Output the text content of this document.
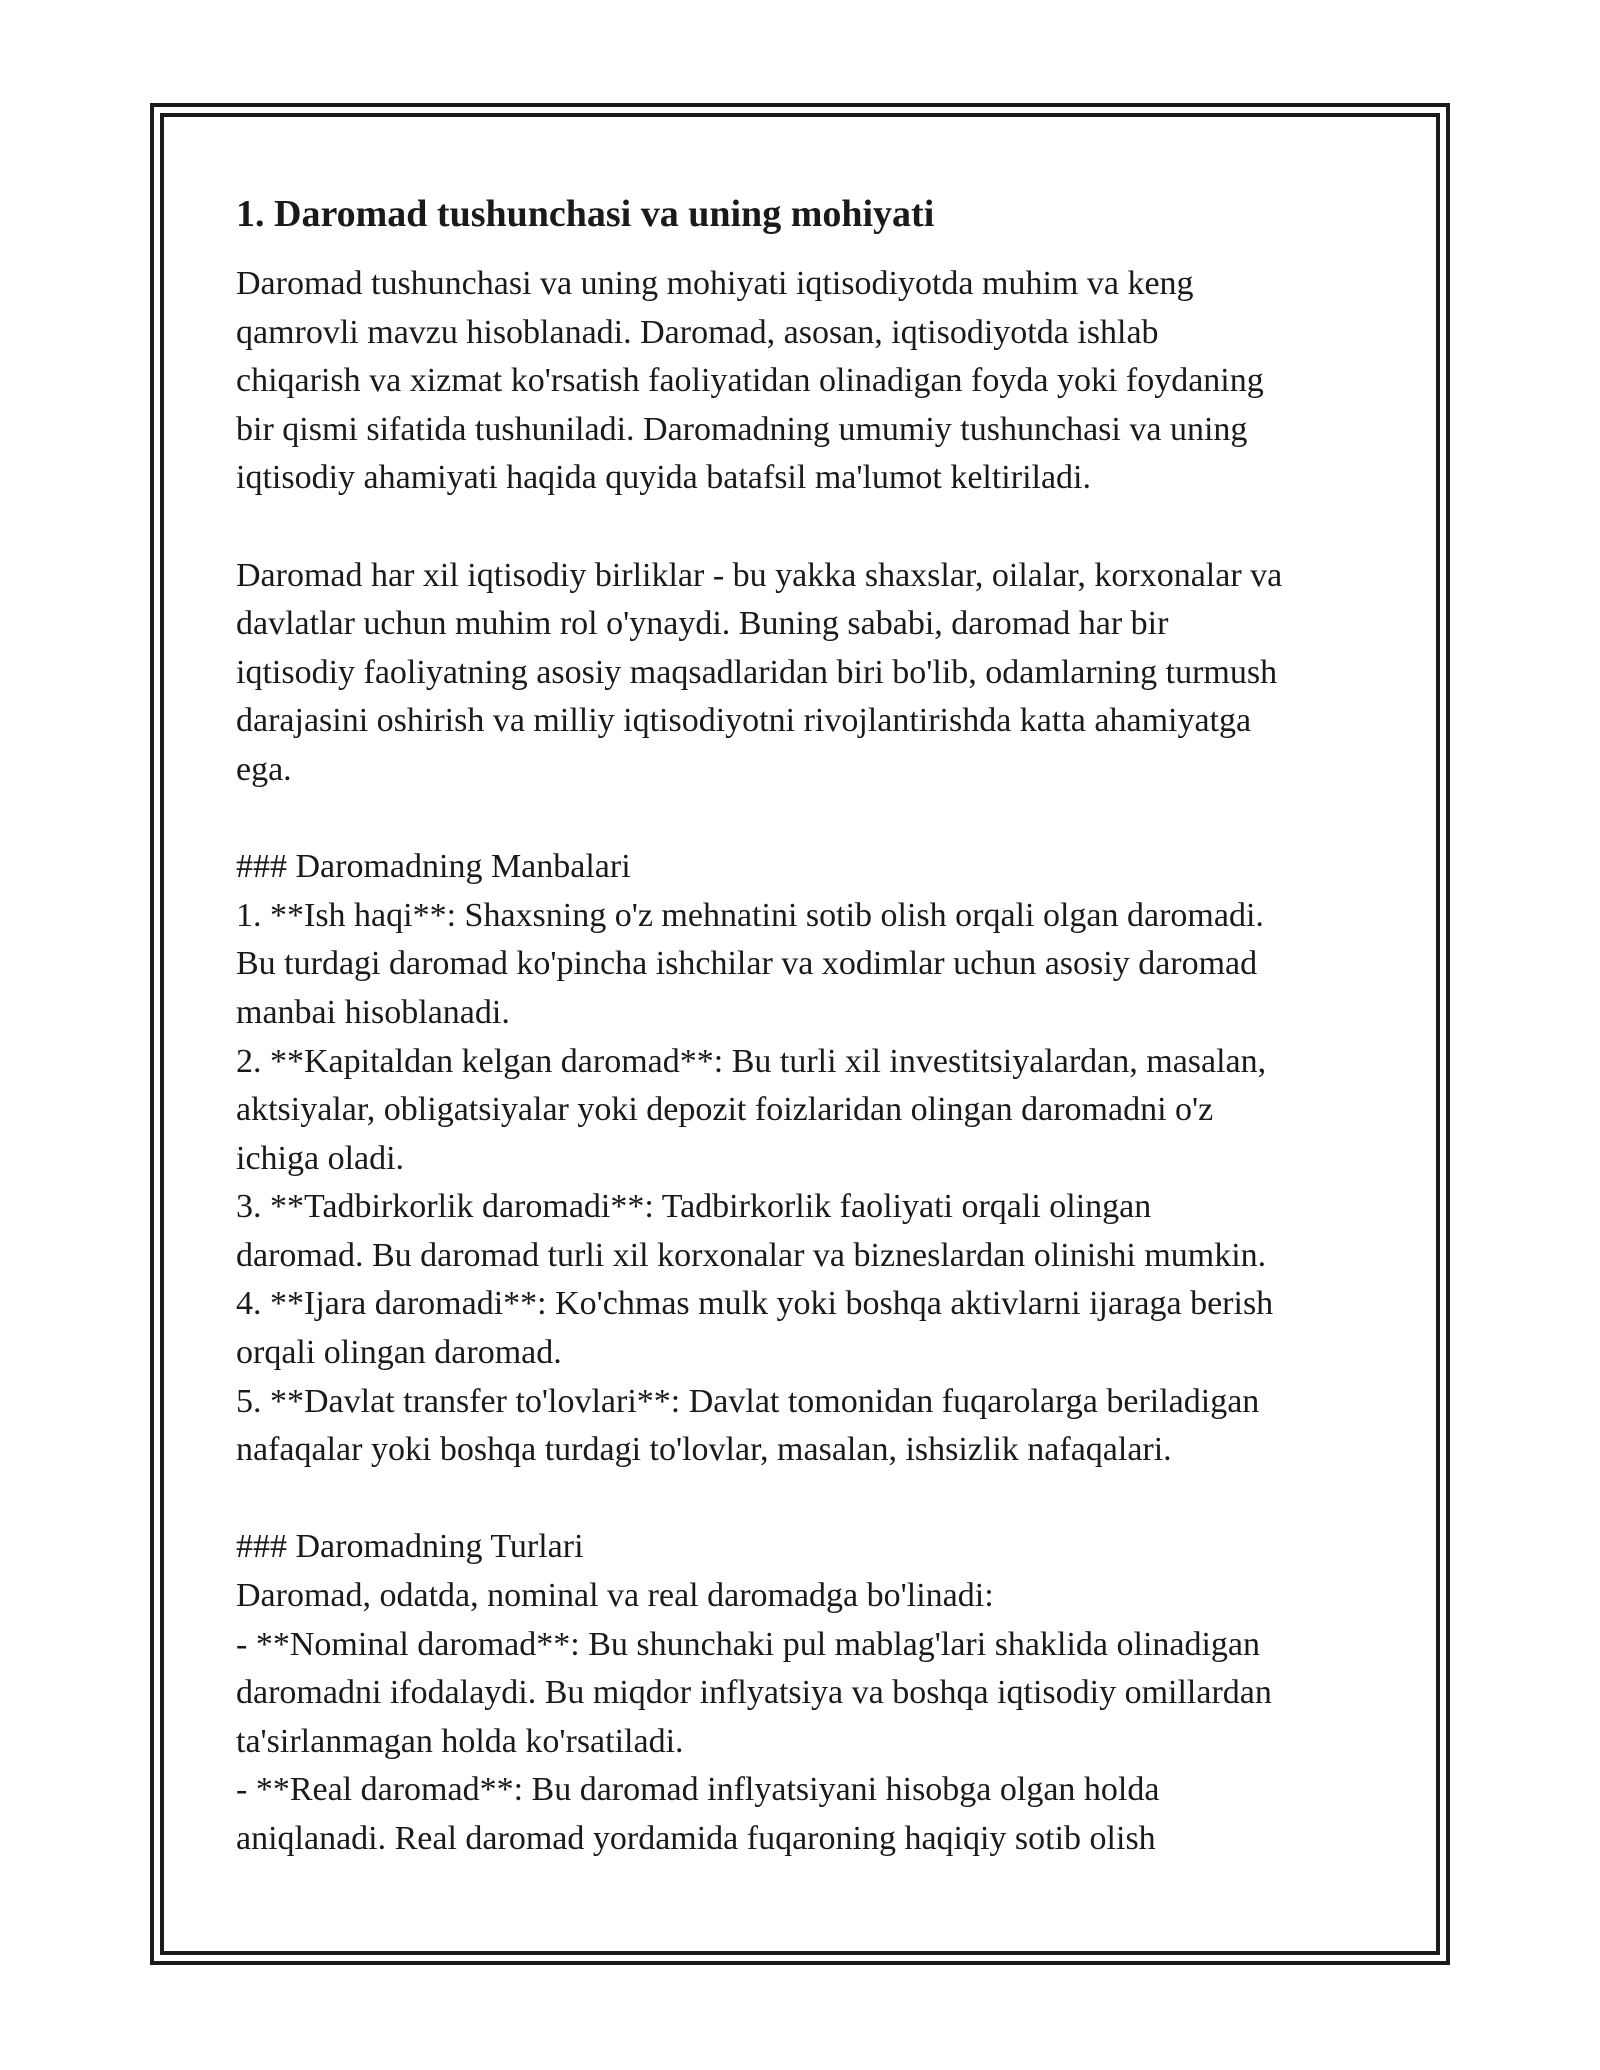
1. Daromad tushunchasi va uning mohiyati
Daromad tushunchasi va uning mohiyati iqtisodiyotda muhim va keng
qamrovli mavzu hisoblanadi. Daromad, asosan, iqtisodiyotda ishlab
chiqarish va xizmat ko'rsatish faoliyatidan olinadigan foyda yoki foydaning
bir qismi sifatida tushuniladi. Daromadning umumiy tushunchasi va uning
iqtisodiy ahamiyati haqida quyida batafsil ma'lumot keltiriladi.
Daromad har xil iqtisodiy birliklar - bu yakka shaxslar, oilalar, korxonalar va
davlatlar uchun muhim rol o'ynaydi. Buning sababi, daromad har bir
iqtisodiy faoliyatning asosiy maqsadlaridan biri bo'lib, odamlarning turmush
darajasini oshirish va milliy iqtisodiyotni rivojlantirishda katta ahamiyatga
ega.
### Daromadning Manbalari
1. **Ish haqi**: Shaxsning o'z mehnatini sotib olish orqali olgan daromadi.
Bu turdagi daromad ko'pincha ishchilar va xodimlar uchun asosiy daromad
manbai hisoblanadi.
2. **Kapitaldan kelgan daromad**: Bu turli xil investitsiyalardan, masalan,
aktsiyalar, obligatsiyalar yoki depozit foizlaridan olingan daromadni o'z
ichiga oladi.
3. **Tadbirkorlik daromadi**: Tadbirkorlik faoliyati orqali olingan
daromad. Bu daromad turli xil korxonalar va bizneslardan olinishi mumkin.
4. **Ijara daromadi**: Ko'chmas mulk yoki boshqa aktivlarni ijaraga berish
orqali olingan daromad.
5. **Davlat transfer to'lovlari**: Davlat tomonidan fuqarolarga beriladigan
nafaqalar yoki boshqa turdagi to'lovlar, masalan, ishsizlik nafaqalari.
### Daromadning Turlari
Daromad, odatda, nominal va real daromadga bo'linadi:
- **Nominal daromad**: Bu shunchaki pul mablag'lari shaklida olinadigan
daromadni ifodalaydi. Bu miqdor inflyatsiya va boshqa iqtisodiy omillardan
ta'sirlanmagan holda ko'rsatiladi.
- **Real daromad**: Bu daromad inflyatsiyani hisobga olgan holda
aniqlanadi. Real daromad yordamida fuqaroning haqiqiy sotib olish
